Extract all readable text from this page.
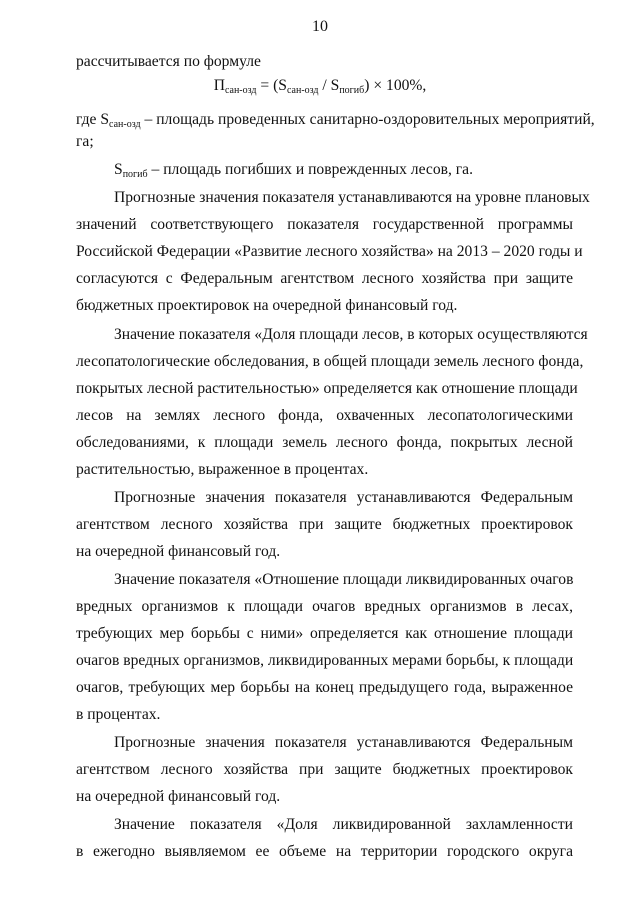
10
рассчитывается по формуле
$П_{сан-озд} = (S_{сан-озд} / S_{погиб}) \times 100\%$,
где $S_{сан-озд}$ – площадь проведенных санитарно-оздоровительных мероприятий,
га;
$S_{погиб}$ – площадь погибших и поврежденных лесов, га.
Прогнозные значения показателя устанавливаются на уровне плановых
значений соответствующего показателя государственной программы
Российской Федерации «Развитие лесного хозяйства» на 2013 – 2020 годы и
согласуются с Федеральным агентством лесного хозяйства при защите
бюджетных проектировок на очередной финансовый год.
Значение показателя «Доля площади лесов, в которых осуществляются
лесопатологические обследования, в общей площади земель лесного фонда,
покрытых лесной растительностью» определяется как отношение площади
лесов на землях лесного фонда, охваченных лесопатологическими
обследованиями, к площади земель лесного фонда, покрытых лесной
растительностью, выраженное в процентах.
Прогнозные значения показателя устанавливаются Федеральным
агентством лесного хозяйства при защите бюджетных проектировок
на очередной финансовый год.
Значение показателя «Отношение площади ликвидированных очагов
вредных организмов к площади очагов вредных организмов в лесах,
требующих мер борьбы с ними» определяется как отношение площади
очагов вредных организмов, ликвидированных мерами борьбы, к площади
очагов, требующих мер борьбы на конец предыдущего года, выраженное
в процентах.
Прогнозные значения показателя устанавливаются Федеральным
агентством лесного хозяйства при защите бюджетных проектировок
на очередной финансовый год.
Значение показателя «Доля ликвидированной захламленности
в ежегодно выявляемом ее объеме на территории городского округа
